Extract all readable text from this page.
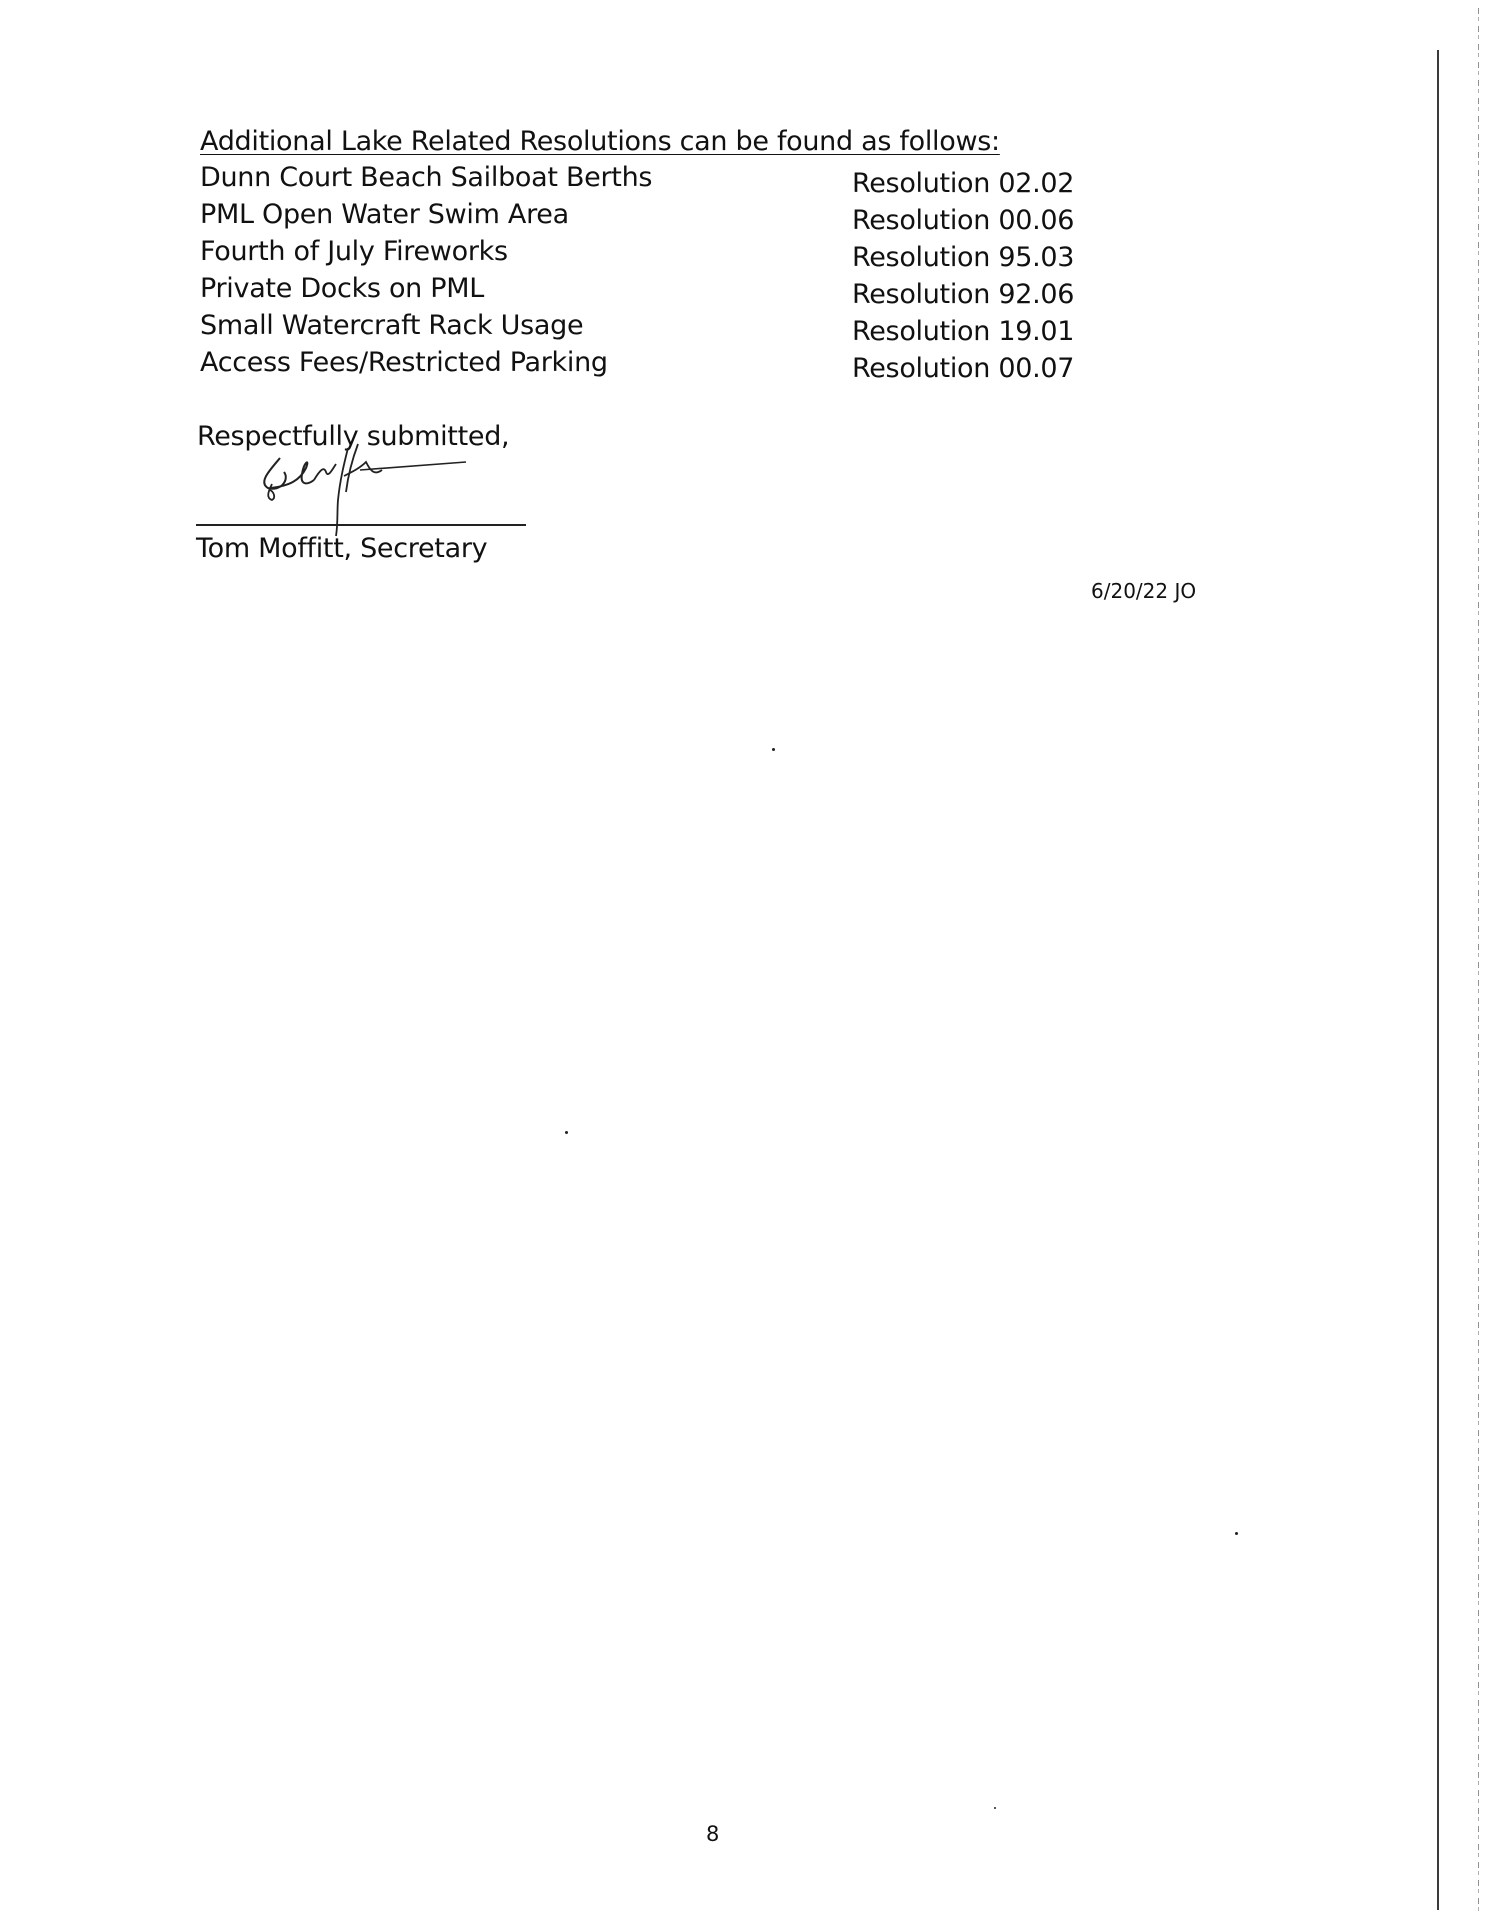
Additional Lake Related Resolutions can be found as follows:
Dunn Court Beach Sailboat Berths	Resolution 02.02
PML Open Water Swim Area	Resolution 00.06
Fourth of July Fireworks	Resolution 95.03
Private Docks on PML	Resolution 92.06
Small Watercraft Rack Usage	Resolution 19.01
Access Fees/Restricted Parking	Resolution 00.07
Respectfully submitted,
Tom Moffitt, Secretary
6/20/22 JO
8
